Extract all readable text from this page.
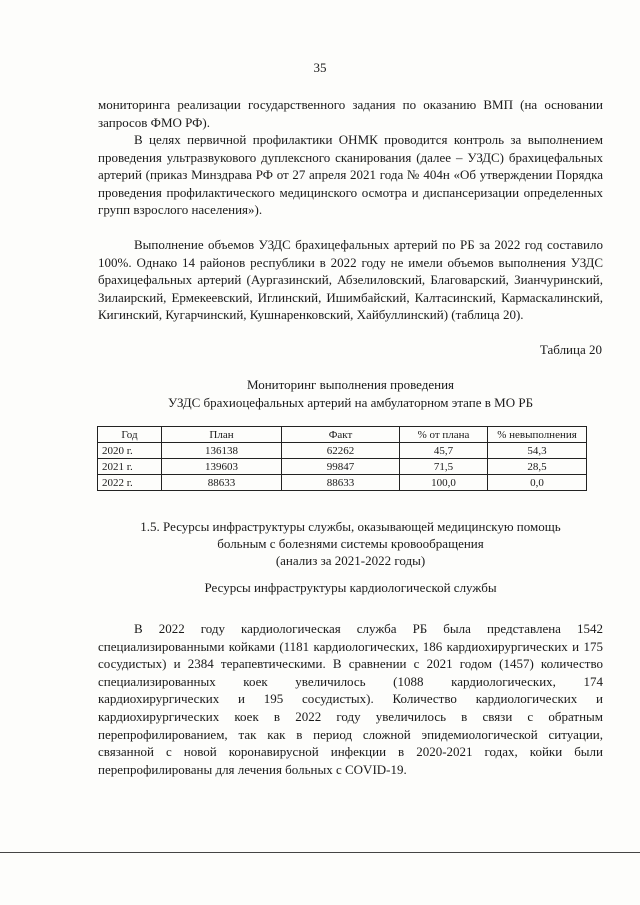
35

мониторинга реализации государственного задания по оказанию ВМП (на основании запросов ФМО РФ).

В целях первичной профилактики ОНМК проводится контроль за выполнением проведения ультразвукового дуплексного сканирования (далее – УЗДС) брахицефальных артерий (приказ Минздрава РФ от 27 апреля 2021 года № 404н «Об утверждении Порядка проведения профилактического медицинского осмотра и диспансеризации определенных групп взрослого населения»).

Выполнение объемов УЗДС брахицефальных артерий по РБ за 2022 год составило 100%. Однако 14 районов республики в 2022 году не имели объемов выполнения УЗДС брахицефальных артерий (Аургазинский, Абзелиловский, Благоварский, Зианчуринский, Зилаирский, Ермекеевский, Иглинский, Ишимбайский, Калтасинский, Кармаскалинский, Кигинский, Кугарчинский, Кушнаренковский, Хайбуллинский) (таблица 20).

Таблица 20
Мониторинг выполнения проведения
УЗДС брахиоцефальных артерий на амбулаторном этапе в МО РБ
Год	План	Факт	% от плана	% невыполнения
2020 г.	136138	62262	45,7	54,3
2021 г.	139603	99847	71,5	28,5
2022 г.	88633	88633	100,0	0,0
1.5. Ресурсы инфраструктуры службы, оказывающей медицинскую помощь
больным с болезнями системы кровообращения
(анализ за 2021-2022 годы)
Ресурсы инфраструктуры кардиологической службы

В 2022 году кардиологическая служба РБ была представлена 1542 специализированными койками (1181 кардиологических, 186 кардиохирургических и 175 сосудистых) и 2384 терапевтическими. В сравнении с 2021 годом (1457) количество специализированных коек увеличилось (1088 кардиологических, 174 кардиохирургических и 195 сосудистых). Количество кардиологических и кардиохирургических коек в 2022 году увеличилось в связи с обратным перепрофилированием, так как в период сложной эпидемиологической ситуации, связанной с новой коронавирусной инфекции в 2020-2021 годах, койки были перепрофилированы для лечения больных с COVID-19.
